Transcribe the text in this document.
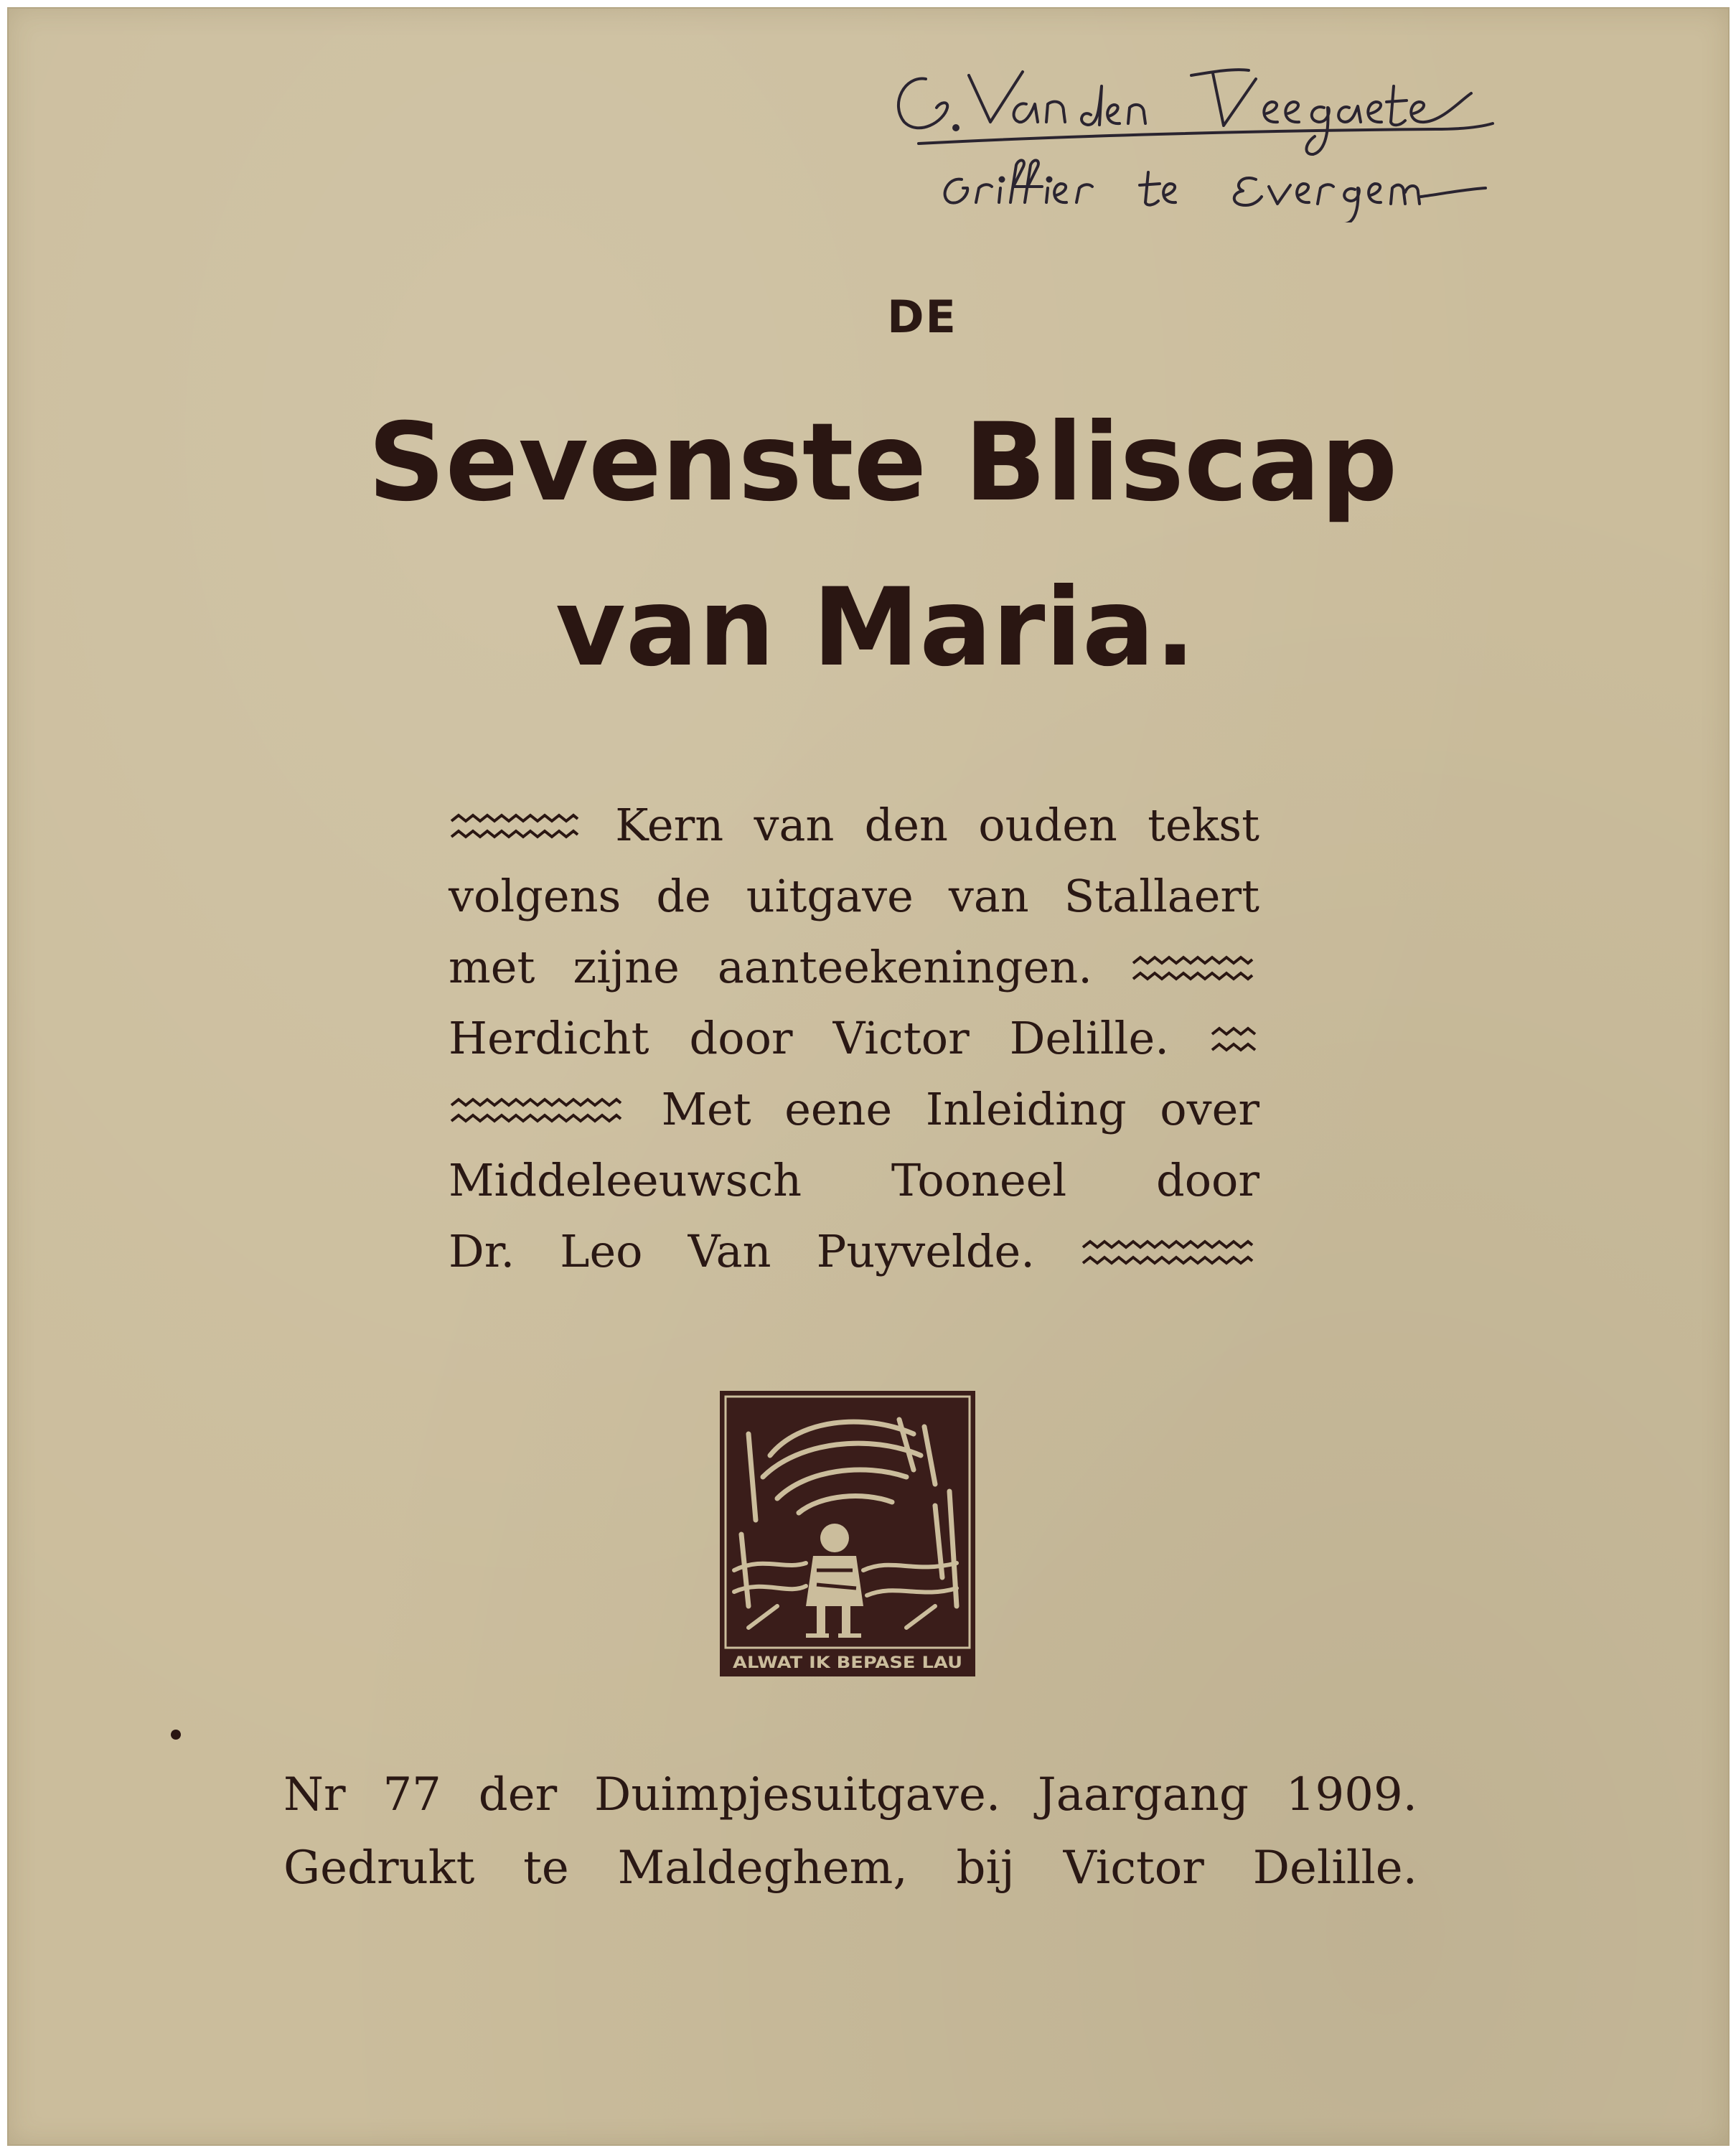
DE
Sevenste Bliscap
van Maria.
Kern van den ouden tekst
volgens de uitgave van Stallaert
met zijne aanteekeningen.
Herdicht door Victor Delille.
Met eene Inleiding over
Middeleeuwsch Tooneel door
Dr. Leo Van Puyvelde.
ALWAT IK BEPASE LAU
Nr 77 der Duimpjesuitgave. Jaargang 1909.
Gedrukt te Maldeghem, bij Victor Delille.
